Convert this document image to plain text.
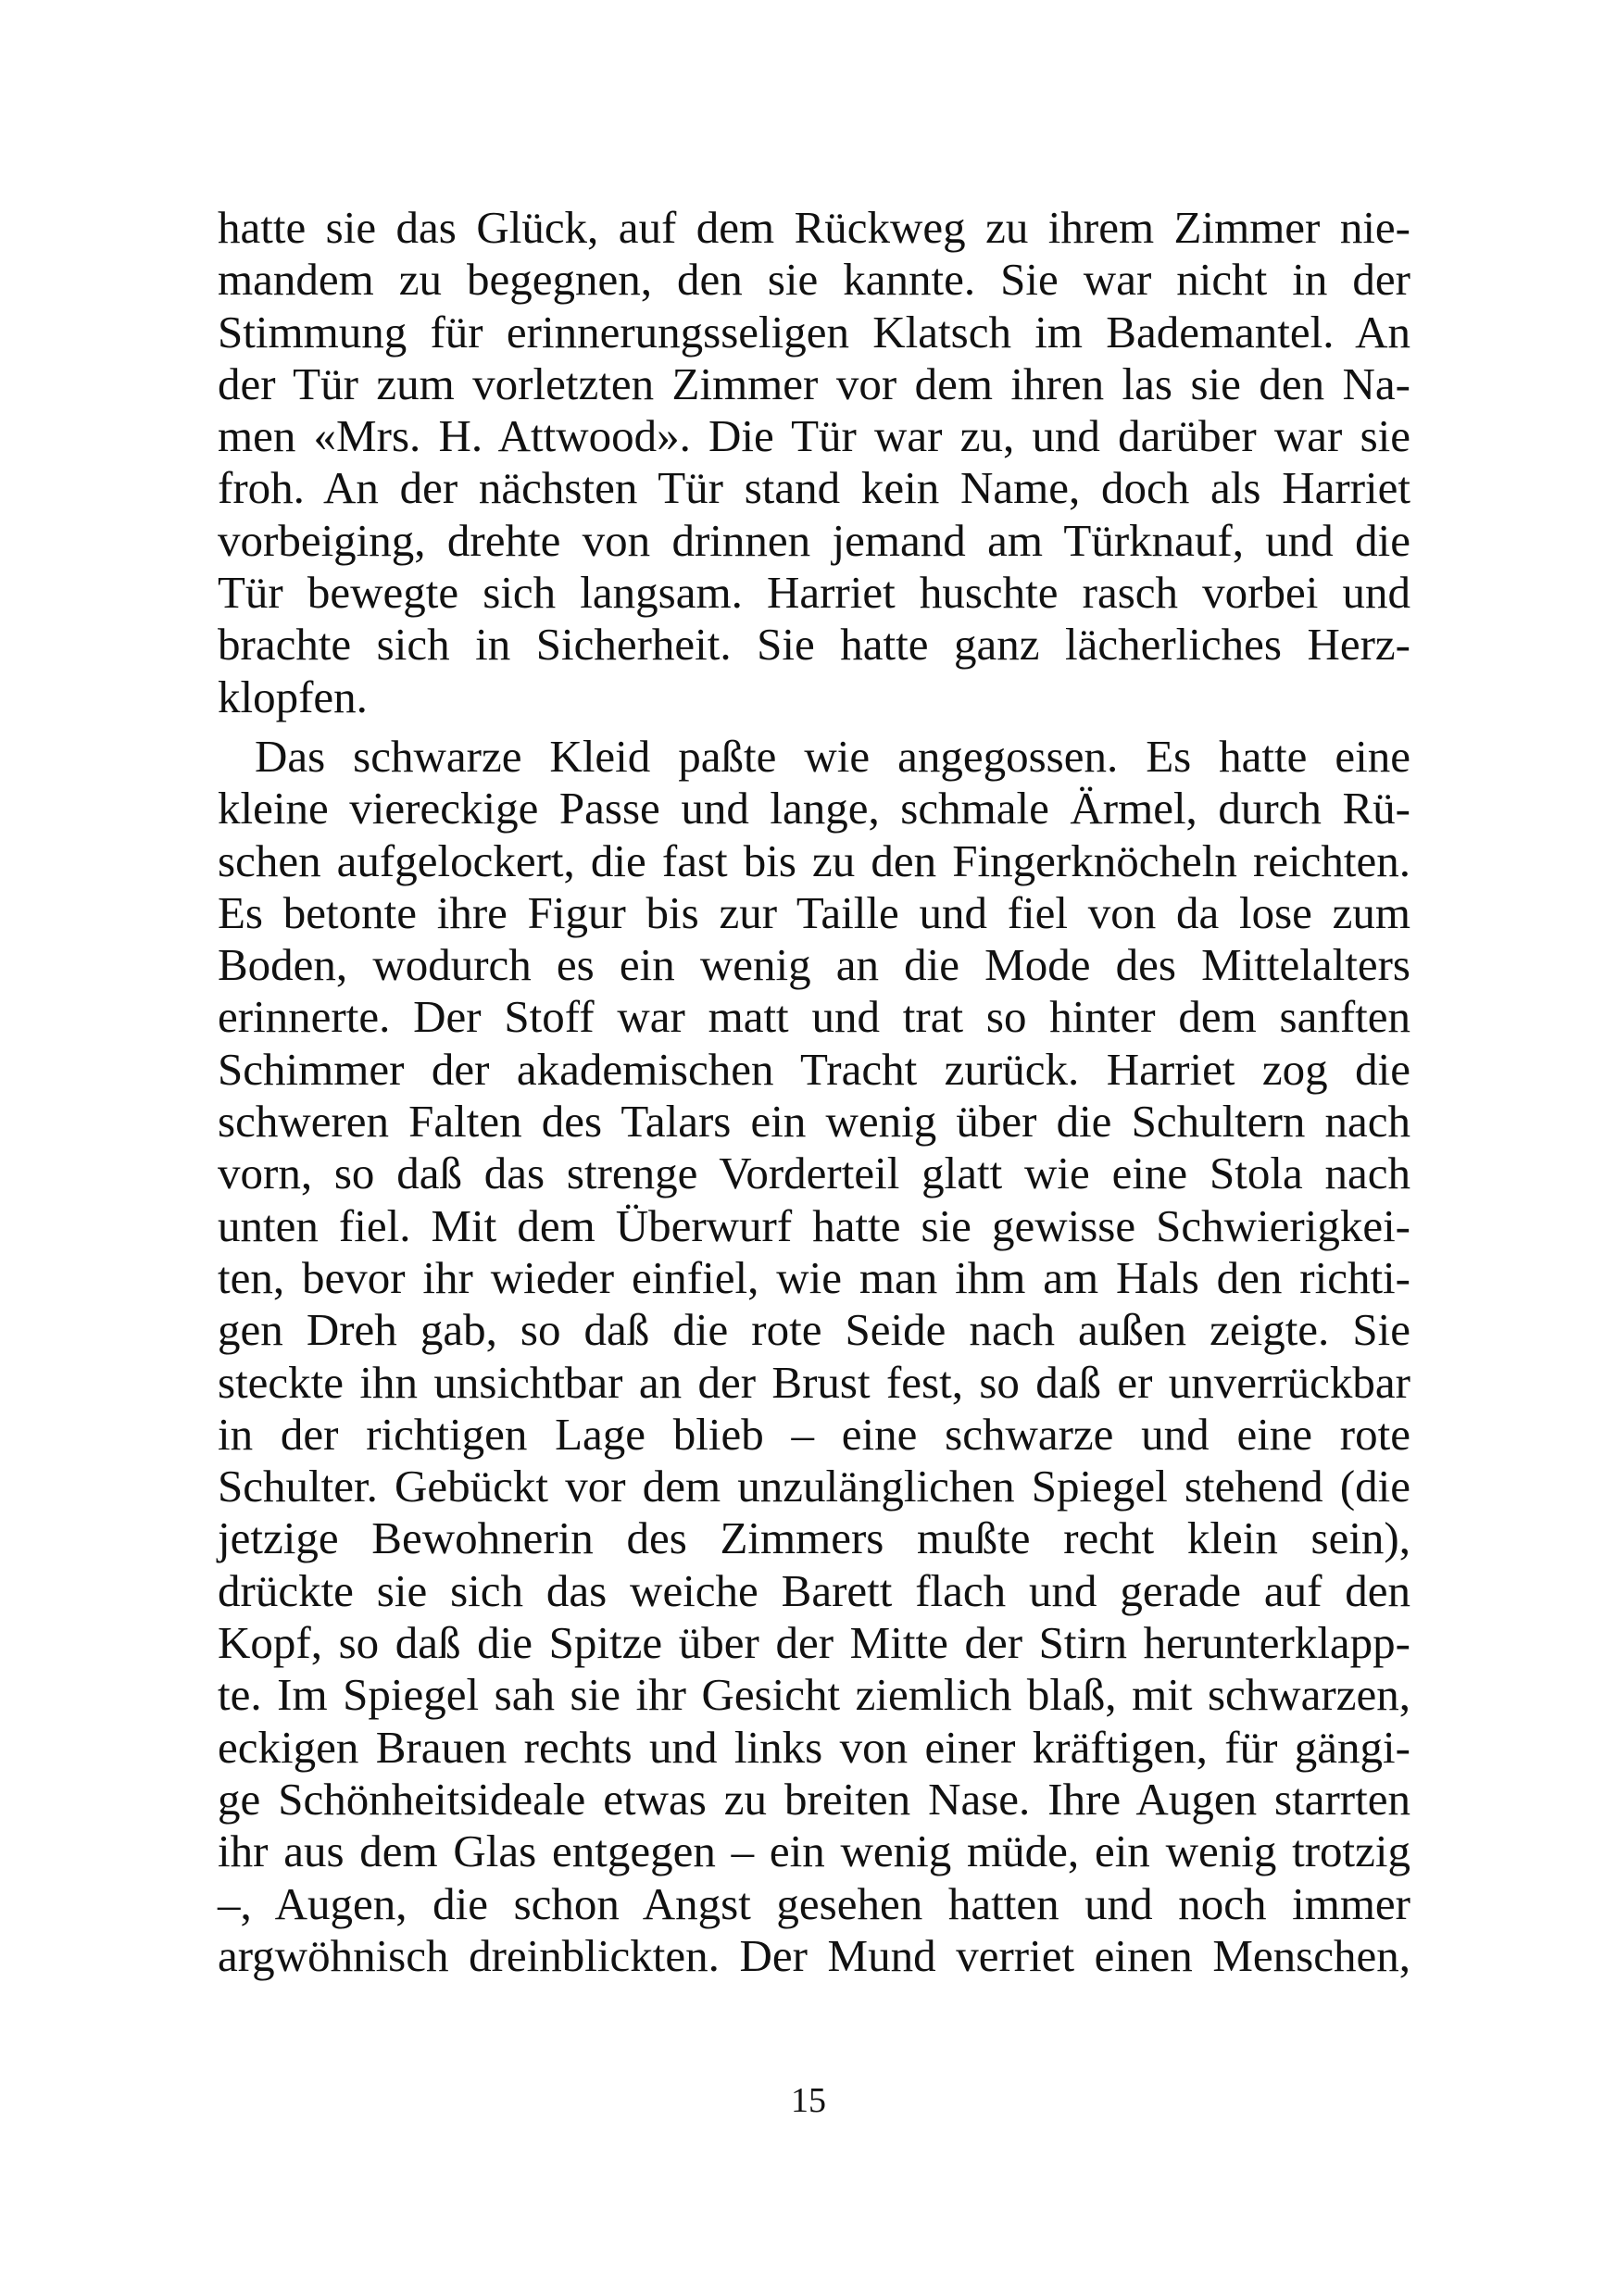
hatte sie das Glück, auf dem Rückweg zu ihrem Zimmer nie-
mandem zu begegnen, den sie kannte. Sie war nicht in der
Stimmung für erinnerungsseligen Klatsch im Bademantel. An
der Tür zum vorletzten Zimmer vor dem ihren las sie den Na-
men «Mrs. H. Attwood». Die Tür war zu, und darüber war sie
froh. An der nächsten Tür stand kein Name, doch als Harriet
vorbeiging, drehte von drinnen jemand am Türknauf, und die
Tür bewegte sich langsam. Harriet huschte rasch vorbei und
brachte sich in Sicherheit. Sie hatte ganz lächerliches Herz-
klopfen.
Das schwarze Kleid paßte wie angegossen. Es hatte eine
kleine viereckige Passe und lange, schmale Ärmel, durch Rü-
schen aufgelockert, die fast bis zu den Fingerknöcheln reichten.
Es betonte ihre Figur bis zur Taille und fiel von da lose zum
Boden, wodurch es ein wenig an die Mode des Mittelalters
erinnerte. Der Stoff war matt und trat so hinter dem sanften
Schimmer der akademischen Tracht zurück. Harriet zog die
schweren Falten des Talars ein wenig über die Schultern nach
vorn, so daß das strenge Vorderteil glatt wie eine Stola nach
unten fiel. Mit dem Überwurf hatte sie gewisse Schwierigkei-
ten, bevor ihr wieder einfiel, wie man ihm am Hals den richti-
gen Dreh gab, so daß die rote Seide nach außen zeigte. Sie
steckte ihn unsichtbar an der Brust fest, so daß er unverrückbar
in der richtigen Lage blieb – eine schwarze und eine rote
Schulter. Gebückt vor dem unzulänglichen Spiegel stehend (die
jetzige Bewohnerin des Zimmers mußte recht klein sein),
drückte sie sich das weiche Barett flach und gerade auf den
Kopf, so daß die Spitze über der Mitte der Stirn herunterklapp-
te. Im Spiegel sah sie ihr Gesicht ziemlich blaß, mit schwarzen,
eckigen Brauen rechts und links von einer kräftigen, für gängi-
ge Schönheitsideale etwas zu breiten Nase. Ihre Augen starrten
ihr aus dem Glas entgegen – ein wenig müde, ein wenig trotzig
–, Augen, die schon Angst gesehen hatten und noch immer
argwöhnisch dreinblickten. Der Mund verriet einen Menschen,
15
